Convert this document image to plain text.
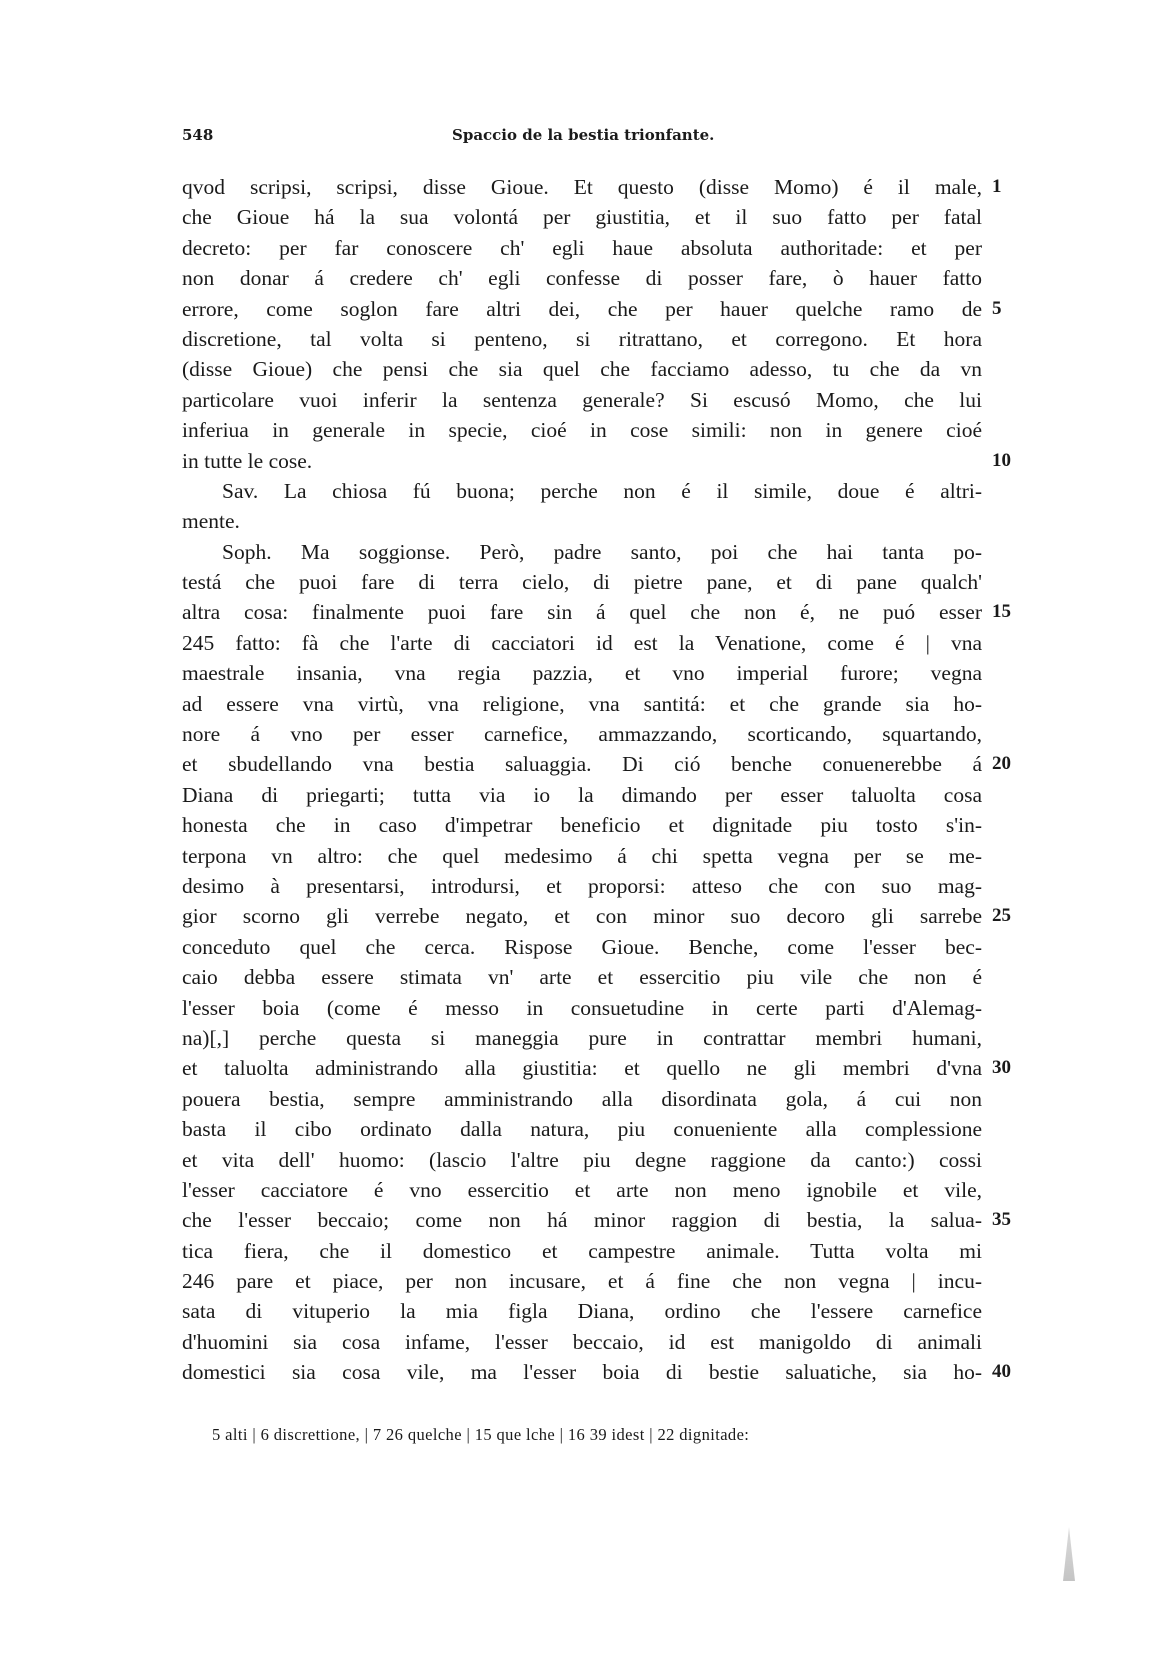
548	Spaccio de la bestia trionfante.
qvod scripsi, scripsi, disse Gioue. Et questo (disse Momo) é il male, 1
che Gioue há la sua volontá per giustitia, et il suo fatto per fatal
decreto: per far conoscere ch' egli haue absoluta authoritade: et per
non donar á credere ch' egli confesse di posser fare, ò hauer fatto
errore, come soglon fare altri dei, che per hauer quelche ramo de 5
discretione, tal volta si penteno, si ritrattano, et corregono. Et hora
(disse Gioue) che pensi che sia quel che facciamo adesso, tu che da vn
particolare vuoi inferir la sentenza generale? Si escusó Momo, che lui
inferiua in generale in specie, cioé in cose simili: non in genere cioé
in tutte le cose.	10
Sav. La chiosa fú buona; perche non é il simile, doue é altri-
mente.
Soph. Ma soggionse. Però, padre santo, poi che hai tanta po-
testá che puoi fare di terra cielo, di pietre pane, et di pane qualch'
altra cosa: finalmente puoi fare sin á quel che non é, ne puó esser 15
245 fatto: fà che l'arte di cacciatori id est la Venatione, come é | vna
maestrale insania, vna regia pazzia, et vno imperial furore; vegna
ad essere vna virtù, vna religione, vna santitá: et che grande sia ho-
nore á vno per esser carnefice, ammazzando, scorticando, squartando,
et sbudellando vna bestia saluaggia. Di ció benche conuenerebbe á 20
Diana di priegarti; tutta via io la dimando per esser taluolta cosa
honesta che in caso d'impetrar beneficio et dignitade piu tosto s'in-
terpona vn altro: che quel medesimo á chi spetta vegna per se me-
desimo à presentarsi, introdursi, et proporsi: atteso che con suo mag-
gior scorno gli verrebe negato, et con minor suo decoro gli sarrebe 25
conceduto quel che cerca. Rispose Gioue. Benche, come l'esser bec-
caio debba essere stimata vn' arte et essercitio piu vile che non é
l'esser boia (come é messo in consuetudine in certe parti d'Alemag-
na)[,] perche questa si maneggia pure in contrattar membri humani,
et taluolta administrando alla giustitia: et quello ne gli membri d'vna 30
pouera bestia, sempre amministrando alla disordinata gola, á cui non
basta il cibo ordinato dalla natura, piu conueniente alla complessione
et vita dell' huomo: (lascio l'altre piu degne raggione da canto:) cossi
l'esser cacciatore é vno essercitio et arte non meno ignobile et vile,
che l'esser beccaio; come non há minor raggion di bestia, la salua- 35
tica fiera, che il domestico et campestre animale. Tutta volta mi
246 pare et piace, per non incusare, et á fine che non vegna | incu-
sata di vituperio la mia figla Diana, ordino che l'essere carnefice
d'huomini sia cosa infame, l'esser beccaio, id est manigoldo di animali
domestici sia cosa vile, ma l'esser boia di bestie saluatiche, sia ho- 40
5 alti | 6 discrettione, | 7 26 quelche | 15 que lche | 16 39 idest | 22 dignitade:
